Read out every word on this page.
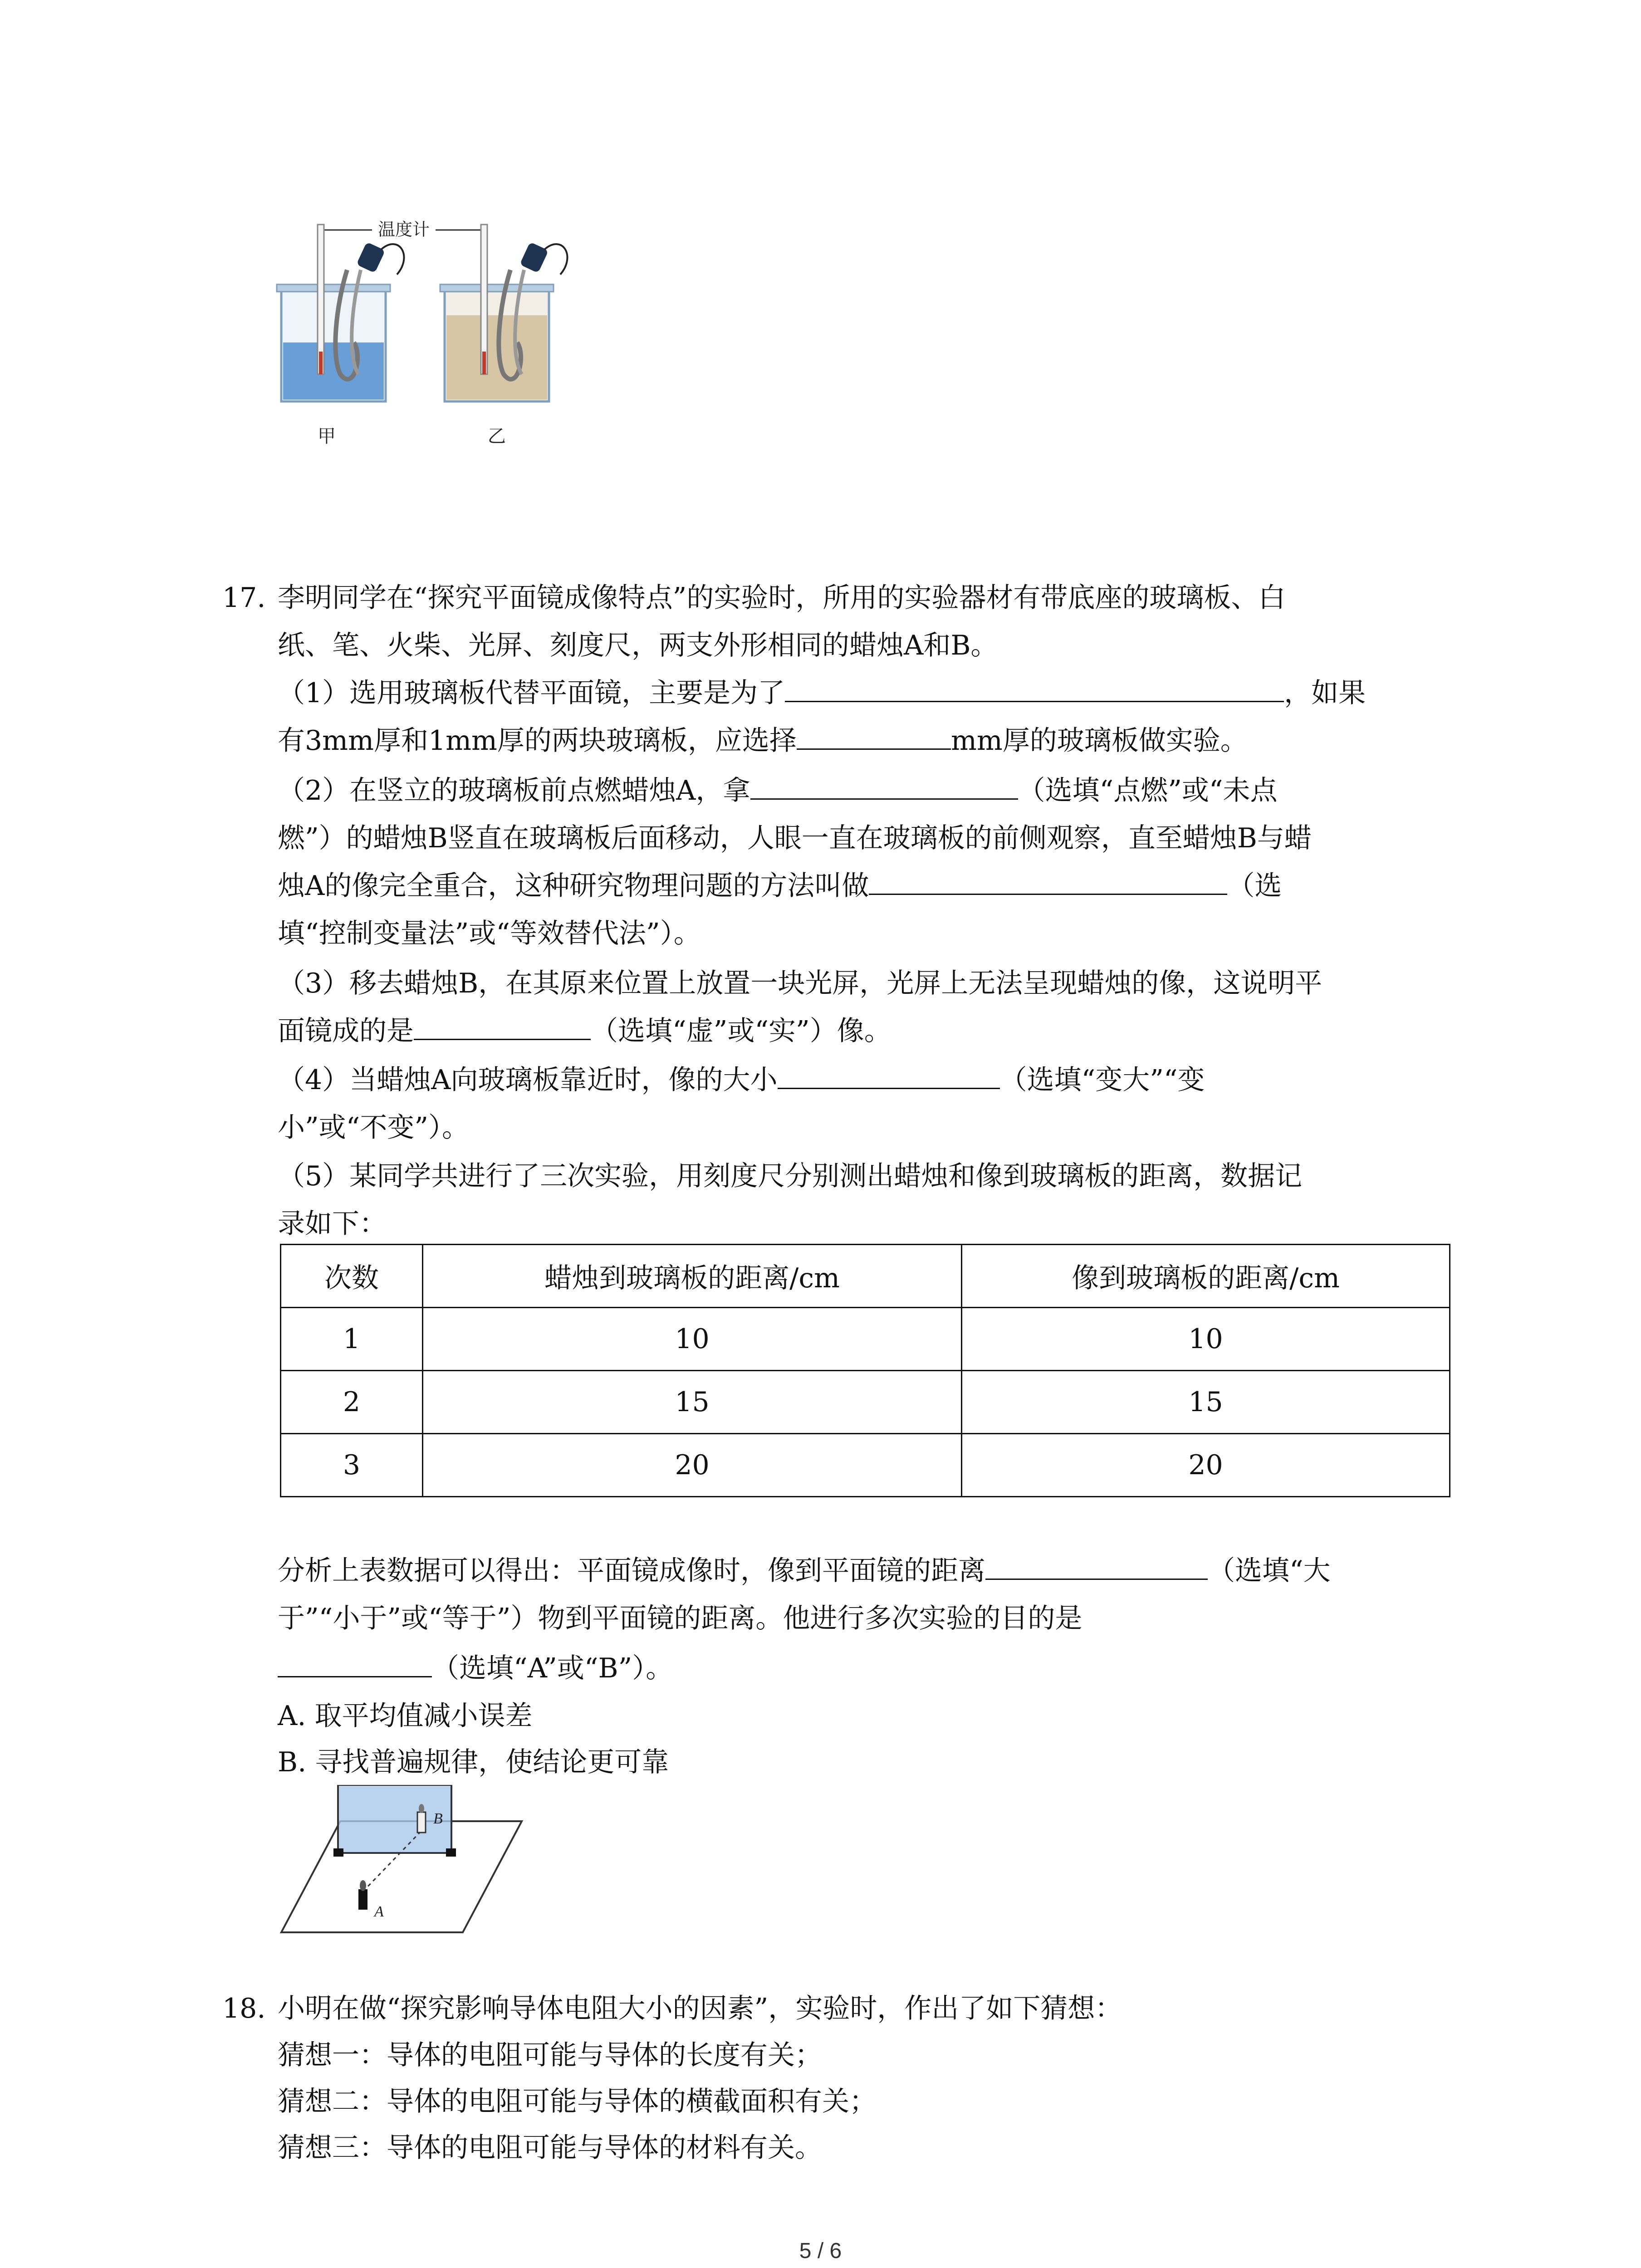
温度计
甲	乙
17. 李明同学在“探究平面镜成像特点”的实验时，所用的实验器材有带底座的玻璃板、白
纸、笔、火柴、光屏、刻度尺，两支外形相同的蜡烛A和B。
（1）选用玻璃板代替平面镜，主要是为了	，如果
有3mm厚和1mm厚的两块玻璃板，应选择	mm厚的玻璃板做实验。
（2）在竖立的玻璃板前点燃蜡烛A，拿	（选填“点燃”或“未点
燃”）的蜡烛B竖直在玻璃板后面移动，人眼一直在玻璃板的前侧观察，直至蜡烛B与蜡
烛A的像完全重合，这种研究物理问题的方法叫做	（选
填“控制变量法”或“等效替代法”）。
（3）移去蜡烛B，在其原来位置上放置一块光屏，光屏上无法呈现蜡烛的像，这说明平
面镜成的是	（选填“虚”或“实”）像。
（4）当蜡烛A向玻璃板靠近时，像的大小	（选填“变大”“变
小”或“不变”）。
（5）某同学共进行了三次实验，用刻度尺分别测出蜡烛和像到玻璃板的距离，数据记
录如下：
次数	蜡烛到玻璃板的距离/cm	像到玻璃板的距离/cm
1	10	10
2	15	15
3	20	20
分析上表数据可以得出：平面镜成像时，像到平面镜的距离	（选填“大
于”“小于”或“等于”）物到平面镜的距离。他进行多次实验的目的是
（选填“A”或“B”）。
A. 取平均值减小误差
B. 寻找普遍规律，使结论更可靠
A
B
18. 小明在做“探究影响导体电阻大小的因素”，实验时，作出了如下猜想：
猜想一：导体的电阻可能与导体的长度有关；
猜想二：导体的电阻可能与导体的横截面积有关；
猜想三：导体的电阻可能与导体的材料有关。
5 / 6
